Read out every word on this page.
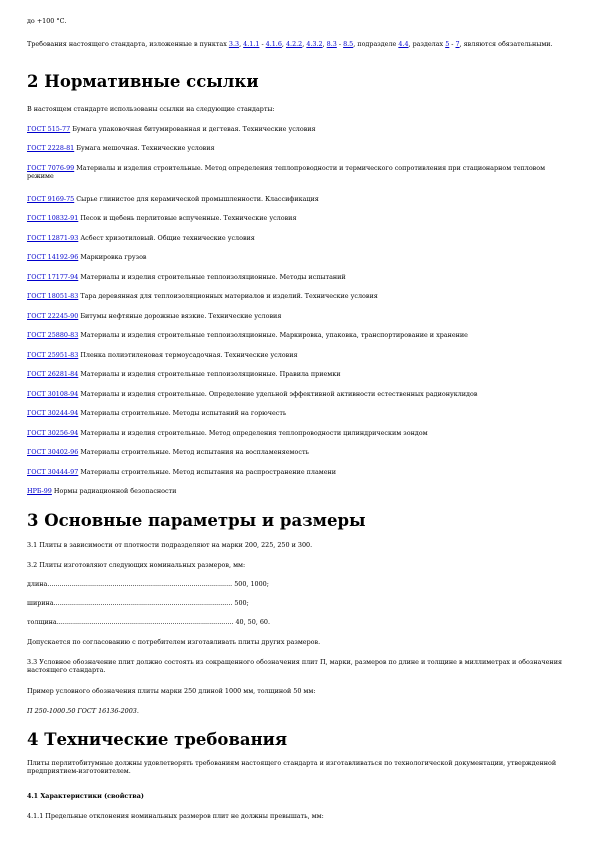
до +100 °С.

Требования настоящего стандарта, изложенные в пунктах 3.3, 4.1.1 - 4.1.6, 4.2.2, 4.3.2, 8.3 - 8.5, подразделе 4.4, разделах 5 - 7, являются обязательными.

2 Нормативные ссылки

В настоящем стандарте использованы ссылки на следующие стандарты:

ГОСТ 515-77 Бумага упаковочная битумированная и дегтевая. Технические условия

ГОСТ 2228-81 Бумага мешочная. Технические условия

ГОСТ 7076-99 Материалы и изделия строительные. Метод определения теплопроводности и термического сопротивления при стационарном тепловом режиме

ГОСТ 9169-75 Сырье глинистое для керамической промышленности. Классификация

ГОСТ 10832-91 Песок и щебень перлитовые вспученные. Технические условия

ГОСТ 12871-93 Асбест хризотиловый. Общие технические условия

ГОСТ 14192-96 Маркировка грузов

ГОСТ 17177-94 Материалы и изделия строительные теплоизоляционные. Методы испытаний

ГОСТ 18051-83 Тара деревянная для теплоизоляционных материалов и изделий. Технические условия

ГОСТ 22245-90 Битумы нефтяные дорожные вязкие. Технические условия

ГОСТ 25880-83 Материалы и изделия строительные теплоизоляционные. Маркировка, упаковка, транспортирование и хранение

ГОСТ 25951-83 Пленка полиэтиленовая термоусадочная. Технические условия

ГОСТ 26281-84 Материалы и изделия строительные теплоизоляционные. Правила приемки

ГОСТ 30108-94 Материалы и изделия строительные. Определение удельной эффективной активности естественных радионуклидов

ГОСТ 30244-94 Материалы строительные. Методы испытаний на горючесть

ГОСТ 30256-94 Материалы и изделия строительные. Метод определения теплопроводности цилиндрическим зондом

ГОСТ 30402-96 Материалы строительные. Метод испытания на воспламеняемость

ГОСТ 30444-97 Материалы строительные. Метод испытания на распространение пламени

НРБ-99 Нормы радиационной безопасности

3 Основные параметры и размеры

3.1 Плиты в зависимости от плотности подразделяют на марки 200, 225, 250 и 300.

3.2 Плиты изготовляют следующих номинальных размеров, мм:

длина........................................................................................... 500, 1000;

ширина........................................................................................ 500;

толщина....................................................................................... 40, 50, 60.

Допускается по согласованию с потребителем изготавливать плиты других размеров.

3.3 Условное обозначение плит должно состоять из сокращенного обозначения плит П, марки, размеров по длине и толщине в миллиметрах и обозначения настоящего стандарта.

Пример условного обозначения плиты марки 250 длиной 1000 мм, толщиной 50 мм:

П 250-1000.50 ГОСТ 16136-2003.

4 Технические требования

Плиты перлитобитумные должны удовлетворять требованиям настоящего стандарта и изготавливаться по технологической документации, утвержденной предприятием-изготовителем.

4.1 Характеристики (свойства)

4.1.1 Предельные отклонения номинальных размеров плит не должны превышать, мм:
